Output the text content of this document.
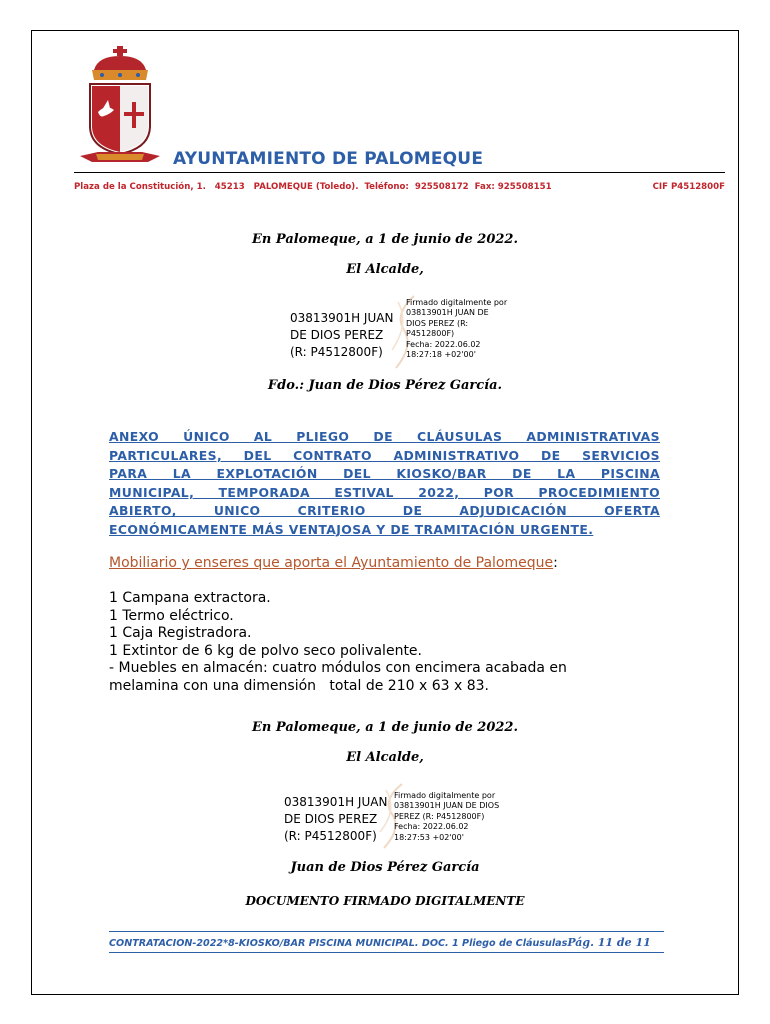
AYUNTAMIENTO DE PALOMEQUE
Plaza de la Constitución, 1.   45213   PALOMEQUE (Toledo).  Teléfono:  925508172  Fax: 925508151	CIF P4512800F
En Palomeque, a 1 de junio de 2022.
El Alcalde,
03813901H JUAN
DE DIOS PEREZ
(R: P4512800F)
Firmado digitalmente por
03813901H JUAN DE
DIOS PEREZ (R:
P4512800F)
Fecha: 2022.06.02
18:27:18 +02'00'
Fdo.: Juan de Dios Pérez García.
ANEXO ÚNICO AL PLIEGO DE CLÁUSULAS ADMINISTRATIVAS
PARTICULARES, DEL CONTRATO ADMINISTRATIVO DE SERVICIOS
PARA LA EXPLOTACIÓN DEL KIOSKO/BAR DE LA PISCINA
MUNICIPAL, TEMPORADA ESTIVAL 2022, POR PROCEDIMIENTO
ABIERTO, UNICO CRITERIO DE ADJUDICACIÓN OFERTA
ECONÓMICAMENTE MÁS VENTAJOSA Y DE TRAMITACIÓN URGENTE.
Mobiliario y enseres que aporta el Ayuntamiento de Palomeque:
1 Campana extractora.
1 Termo eléctrico.
1 Caja Registradora.
1 Extintor de 6 kg de polvo seco polivalente.
- Muebles en almacén: cuatro módulos con encimera acabada en
melamina con una dimensión   total de 210 x 63 x 83.
En Palomeque, a 1 de junio de 2022.
El Alcalde,
03813901H JUAN
DE DIOS PEREZ
(R: P4512800F)
Firmado digitalmente por
03813901H JUAN DE DIOS
PEREZ (R: P4512800F)
Fecha: 2022.06.02
18:27:53 +02'00'
Juan de Dios Pérez García
DOCUMENTO FIRMADO DIGITALMENTE
CONTRATACION-2022*8-KIOSKO/BAR PISCINA MUNICIPAL. DOC. 1 Pliego de CláusulasPág. 11 de 11
